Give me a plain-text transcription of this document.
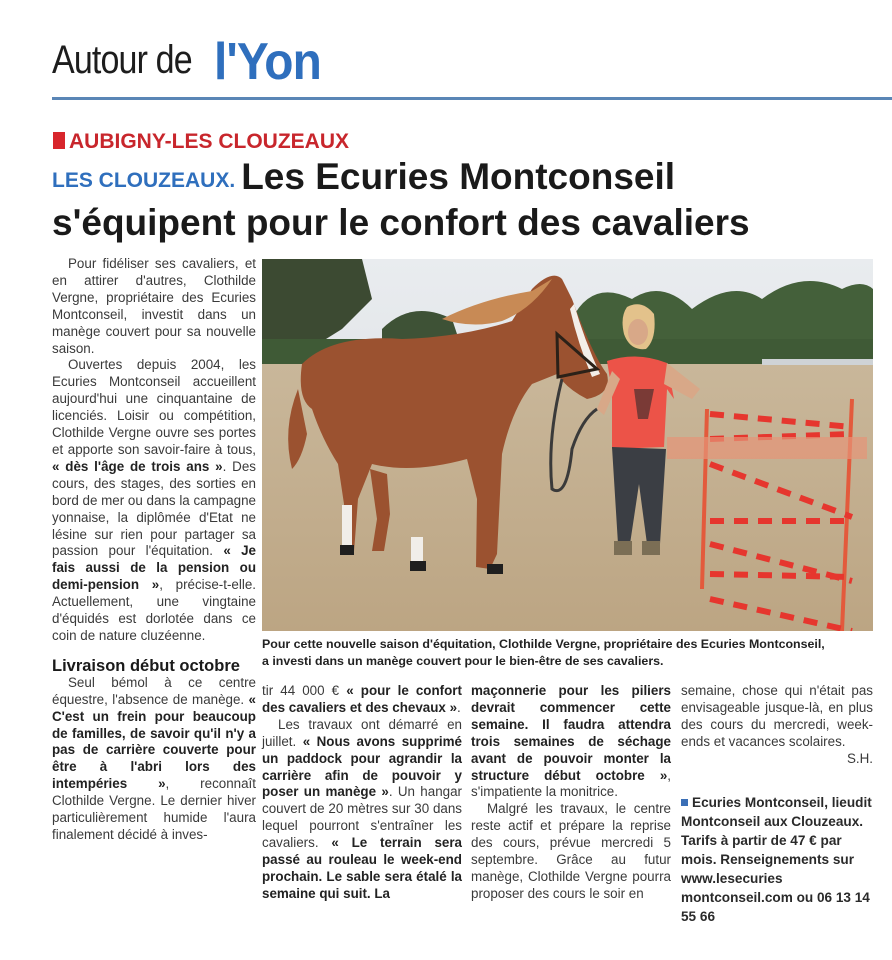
Autour de l'Yon
AUBIGNY-LES CLOUZEAUX
LES CLOUZEAUX. Les Ecuries Montconseil
s'équipent pour le confort des cavaliers

Pour fidéliser ses cavaliers, et en attirer d'autres, Clothilde Vergne, propriétaire des Ecuries Montconseil, investit dans un manège couvert pour sa nouvelle saison.

Ouvertes depuis 2004, les Ecuries Montconseil accueillent aujourd'hui une cinquantaine de licenciés. Loisir ou compétition, Clothilde Vergne ouvre ses portes et apporte son savoir-faire à tous, « dès l'âge de trois ans ». Des cours, des stages, des sorties en bord de mer ou dans la campagne yonnaise, la diplômée d'Etat ne lésine sur rien pour partager sa passion pour l'équitation. « Je fais aussi de la pension ou demi-pension », précise-t-elle. Actuellement, une vingtaine d'équidés est dorlotée dans ce coin de nature cluzéenne.

Livraison début octobre

Seul bémol à ce centre équestre, l'absence de manège. « C'est un frein pour beaucoup de familles, de savoir qu'il n'y a pas de carrière couverte pour être à l'abri lors des intempéries », reconnaît Clothilde Vergne. Le dernier hiver particulièrement humide l'aura finalement décidé à inves-

Pour cette nouvelle saison d'équitation, Clothilde Vergne, propriétaire des Ecuries Montconseil,
a investi dans un manège couvert pour le bien-être de ses cavaliers.

tir 44 000 € « pour le confort des cavaliers et des chevaux ».

Les travaux ont démarré en juillet. « Nous avons supprimé un paddock pour agrandir la carrière afin de pouvoir y poser un manège ». Un hangar couvert de 20 mètres sur 30 dans lequel pourront s'entraîner les cavaliers. « Le terrain sera passé au rouleau le week-end prochain. Le sable sera étalé la semaine qui suit. La

maçonnerie pour les piliers devrait commencer cette semaine. Il faudra attendra trois semaines de séchage avant de pouvoir monter la structure début octobre », s'impatiente la monitrice.

Malgré les travaux, le centre reste actif et prépare la reprise des cours, prévue mercredi 5 septembre. Grâce au futur manège, Clothilde Vergne pourra proposer des cours le soir en

semaine, chose qui n'était pas envisageable jusque-là, en plus des cours du mercredi, week-ends et vacances scolaires.

S.H.

Ecuries Montconseil, lieudit Montconseil aux Clouzeaux. Tarifs à partir de 47 € par mois. Renseignements sur www.lesecuries montconseil.com ou 06 13 14 55 66
